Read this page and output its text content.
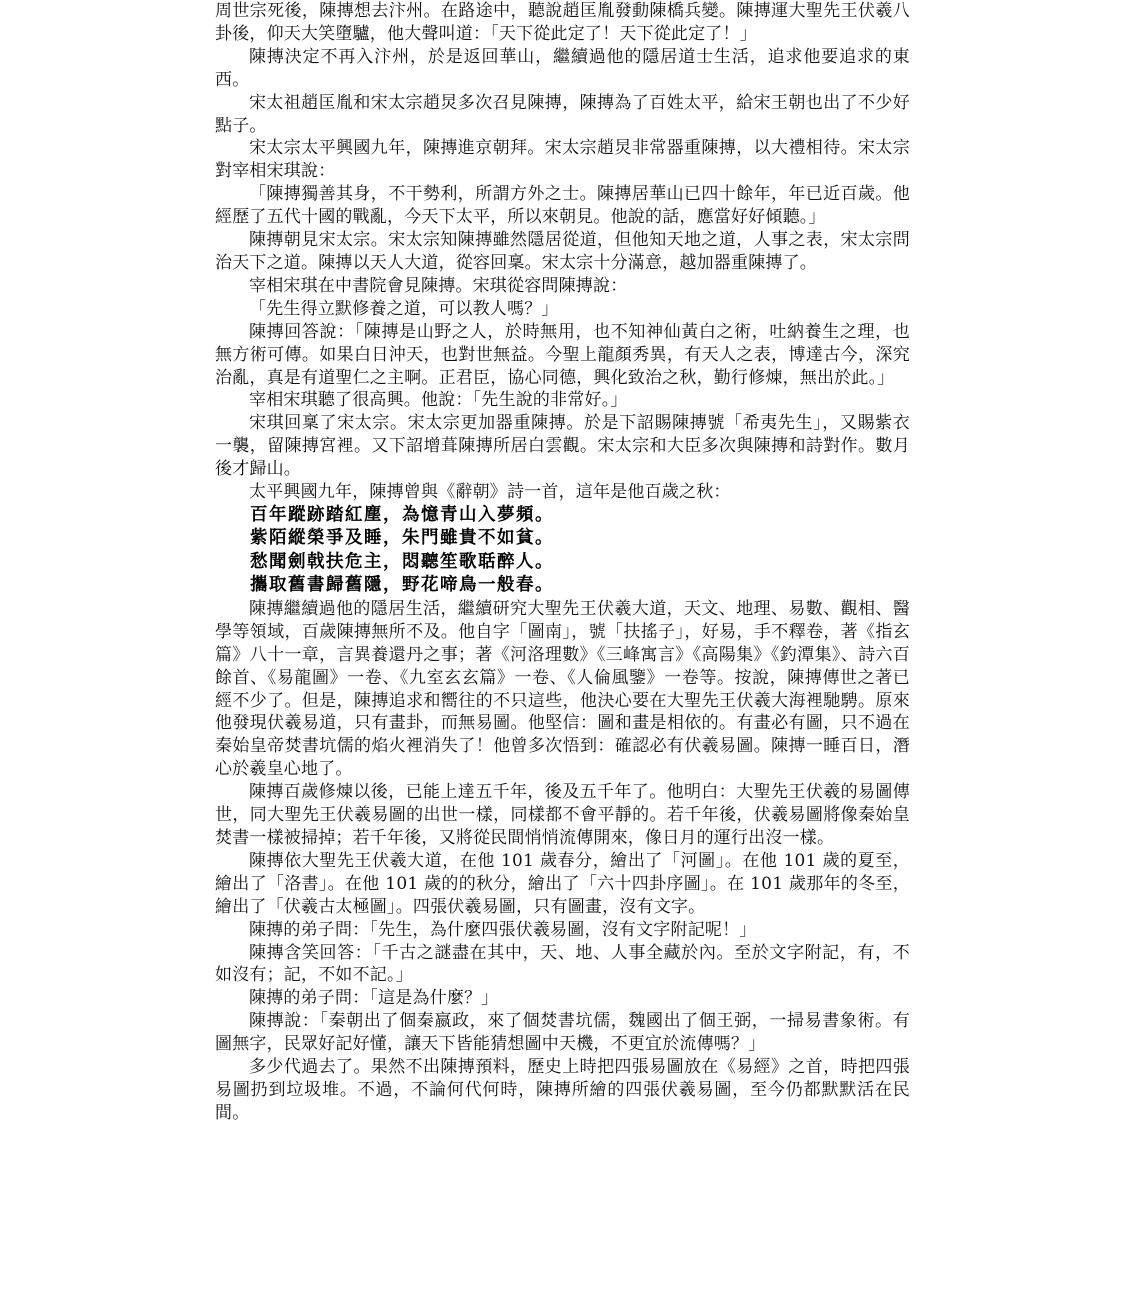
周世宗死後，陳摶想去汴州。在路途中，聽說趙匡胤發動陳橋兵變。陳摶運大聖先王伏羲八卦後，仰天大笑墮驢，他大聲叫道：「天下從此定了！天下從此定了！」

陳摶決定不再入汴州，於是返回華山，繼續過他的隱居道士生活，追求他要追求的東西。

宋太祖趙匡胤和宋太宗趙炅多次召見陳摶，陳摶為了百姓太平，給宋王朝也出了不少好點子。

宋太宗太平興國九年，陳摶進京朝拜。宋太宗趙炅非常器重陳摶，以大禮相待。宋太宗對宰相宋琪說：

「陳摶獨善其身，不干勢利，所謂方外之士。陳摶居華山已四十餘年，年已近百歲。他經歷了五代十國的戰亂，今天下太平，所以來朝見。他說的話，應當好好傾聽。」

陳摶朝見宋太宗。宋太宗知陳摶雖然隱居從道，但他知天地之道，人事之表，宋太宗問治天下之道。陳摶以天人大道，從容回稟。宋太宗十分滿意，越加器重陳摶了。

宰相宋琪在中書院會見陳摶。宋琪從容問陳摶說：

「先生得立默修養之道，可以教人嗎？」

陳摶回答說：「陳摶是山野之人，於時無用，也不知神仙黃白之術，吐納養生之理，也無方術可傳。如果白日沖天，也對世無益。今聖上龍顏秀異，有天人之表，博達古今，深究治亂，真是有道聖仁之主啊。正君臣，協心同德，興化致治之秋，勤行修煉，無出於此。」

宰相宋琪聽了很高興。他說：「先生說的非常好。」

宋琪回稟了宋太宗。宋太宗更加器重陳摶。於是下詔賜陳摶號「希夷先生」，又賜紫衣一襲，留陳摶宮裡。又下詔增葺陳摶所居白雲觀。宋太宗和大臣多次與陳摶和詩對作。數月後才歸山。

太平興國九年，陳摶曾與《辭朝》詩一首，這年是他百歲之秋：

百年蹤跡踏紅塵，為憶青山入夢頻。

紫陌縱榮爭及睡，朱門雖貴不如貧。

愁聞劍戟扶危主，悶聽笙歌聒醉人。

攜取舊書歸舊隱，野花啼鳥一般春。

陳摶繼續過他的隱居生活，繼續研究大聖先王伏羲大道，天文、地理、易數、觀相、醫學等領域，百歲陳摶無所不及。他自字「圖南」，號「扶搖子」，好易，手不釋卷，著《指玄篇》八十一章，言異養還丹之事；著《河洛理數》《三峰寓言》《高陽集》《釣潭集》、詩六百餘首、《易龍圖》一卷、《九室玄玄篇》一卷、《人倫風鑒》一卷等。按說，陳摶傳世之著已經不少了。但是，陳摶追求和嚮往的不只這些，他決心要在大聖先王伏羲大海裡馳騁。原來他發現伏羲易道，只有畫卦，而無易圖。他堅信：圖和畫是相依的。有畫必有圖，只不過在秦始皇帝焚書坑儒的焰火裡消失了！他曾多次悟到：確認必有伏羲易圖。陳摶一睡百日，潛心於羲皇心地了。

陳摶百歲修煉以後，已能上達五千年，後及五千年了。他明白：大聖先王伏羲的易圖傳世，同大聖先王伏羲易圖的出世一樣，同樣都不會平靜的。若千年後，伏羲易圖將像秦始皇焚書一樣被掃掉；若千年後，又將從民間悄悄流傳開來，像日月的運行出沒一樣。

陳摶依大聖先王伏羲大道，在他 101 歲春分，繪出了「河圖」。在他 101 歲的夏至，繪出了「洛書」。在他 101 歲的的秋分，繪出了「六十四卦序圖」。在 101 歲那年的冬至，繪出了「伏羲古太極圖」。四張伏羲易圖，只有圖畫，沒有文字。

陳摶的弟子問：「先生，為什麼四張伏羲易圖，沒有文字附記呢！」

陳摶含笑回答：「千古之謎盡在其中，天、地、人事全藏於內。至於文字附記，有，不如沒有；記，不如不記。」

陳摶的弟子問：「這是為什麼？」

陳摶說：「秦朝出了個秦嬴政，來了個焚書坑儒，魏國出了個王弼，一掃易書象術。有圖無字，民眾好記好懂，讓天下皆能猜想圖中天機，不更宜於流傳嗎？」

多少代過去了。果然不出陳摶預料，歷史上時把四張易圖放在《易經》之首，時把四張易圖扔到垃圾堆。不過，不論何代何時，陳摶所繪的四張伏羲易圖，至今仍都默默活在民間。
